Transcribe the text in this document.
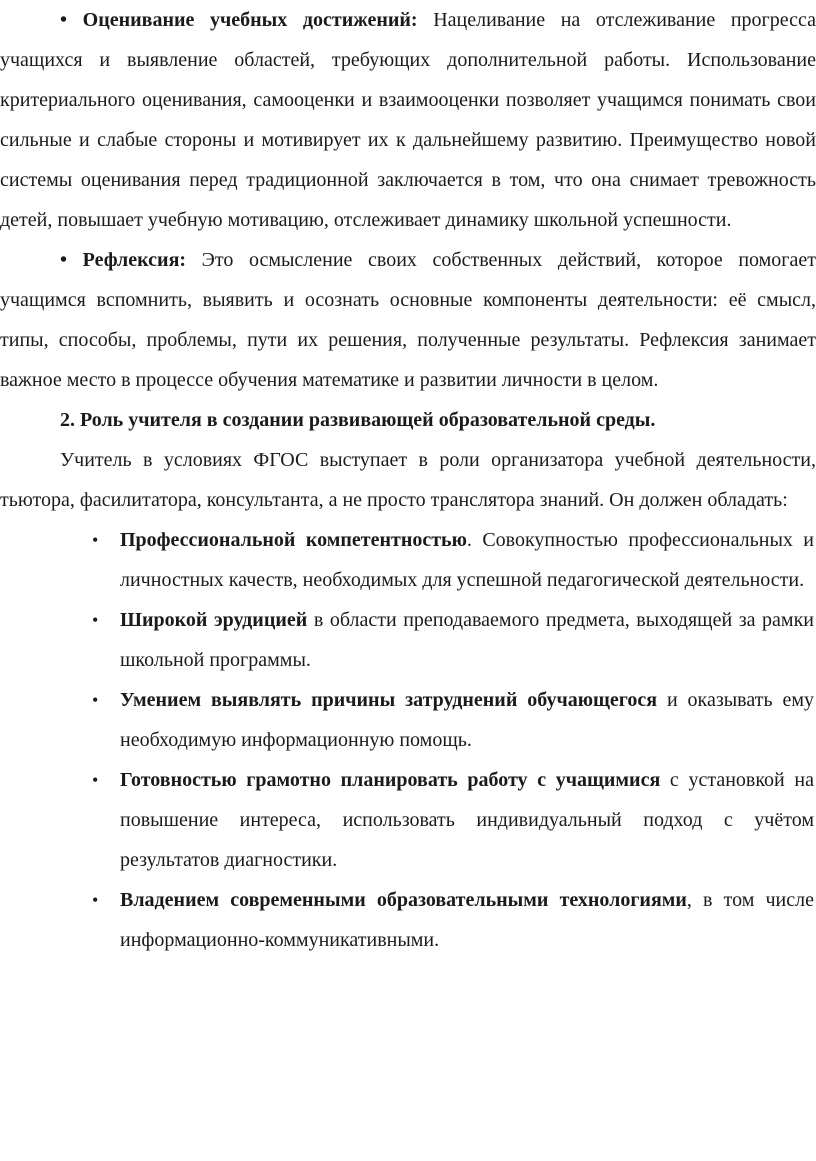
• Оценивание учебных достижений: Нацеливание на отслеживание прогресса учащихся и выявление областей, требующих дополнительной работы. Использование критериального оценивания, самооценки и взаимооценки позволяет учащимся понимать свои сильные и слабые стороны и мотивирует их к дальнейшему развитию. Преимущество новой системы оценивания перед традиционной заключается в том, что она снимает тревожность детей, повышает учебную мотивацию, отслеживает динамику школьной успешности.

• Рефлексия: Это осмысление своих собственных действий, которое помогает учащимся вспомнить, выявить и осознать основные компоненты деятельности: её смысл, типы, способы, проблемы, пути их решения, полученные результаты. Рефлексия занимает важное место в процессе обучения математике и развитии личности в целом.

2. Роль учителя в создании развивающей образовательной среды.

Учитель в условиях ФГОС выступает в роли организатора учебной деятельности, тьютора, фасилитатора, консультанта, а не просто транслятора знаний. Он должен обладать:

• Профессиональной компетентностью. Совокупностью профессиональных и личностных качеств, необходимых для успешной педагогической деятельности.
• Широкой эрудицией в области преподаваемого предмета, выходящей за рамки школьной программы.
• Умением выявлять причины затруднений обучающегося и оказывать ему необходимую информационную помощь.
• Готовностью грамотно планировать работу с учащимися с установкой на повышение интереса, использовать индивидуальный подход с учётом результатов диагностики.
• Владением современными образовательными технологиями, в том числе информационно-коммуникативными.
